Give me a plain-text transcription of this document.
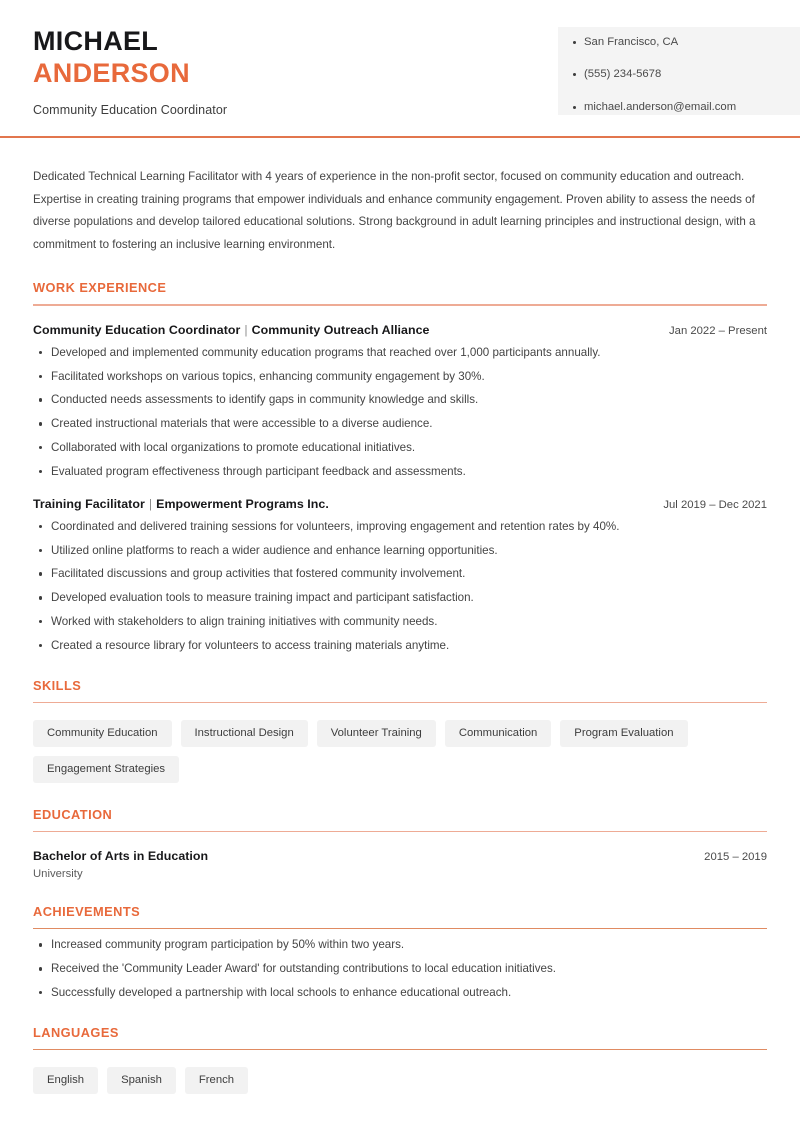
MICHAEL
ANDERSON
Community Education Coordinator
San Francisco, CA
(555) 234-5678
michael.anderson@email.com

Dedicated Technical Learning Facilitator with 4 years of experience in the non-profit sector, focused on community education and outreach. Expertise in creating training programs that empower individuals and enhance community engagement. Proven ability to assess the needs of diverse populations and develop tailored educational solutions. Strong background in adult learning principles and instructional design, with a commitment to fostering an inclusive learning environment.

WORK EXPERIENCE
Community Education Coordinator | Community Outreach Alliance	Jan 2022 – Present
Developed and implemented community education programs that reached over 1,000 participants annually.
Facilitated workshops on various topics, enhancing community engagement by 30%.
Conducted needs assessments to identify gaps in community knowledge and skills.
Created instructional materials that were accessible to a diverse audience.
Collaborated with local organizations to promote educational initiatives.
Evaluated program effectiveness through participant feedback and assessments.
Training Facilitator | Empowerment Programs Inc.	Jul 2019 – Dec 2021
Coordinated and delivered training sessions for volunteers, improving engagement and retention rates by 40%.
Utilized online platforms to reach a wider audience and enhance learning opportunities.
Facilitated discussions and group activities that fostered community involvement.
Developed evaluation tools to measure training impact and participant satisfaction.
Worked with stakeholders to align training initiatives with community needs.
Created a resource library for volunteers to access training materials anytime.
SKILLS
Community Education	Instructional Design	Volunteer Training	Communication	Program Evaluation
Engagement Strategies
EDUCATION
Bachelor of Arts in Education	2015 – 2019
University
ACHIEVEMENTS
Increased community program participation by 50% within two years.
Received the 'Community Leader Award' for outstanding contributions to local education initiatives.
Successfully developed a partnership with local schools to enhance educational outreach.
LANGUAGES
English	Spanish	French
